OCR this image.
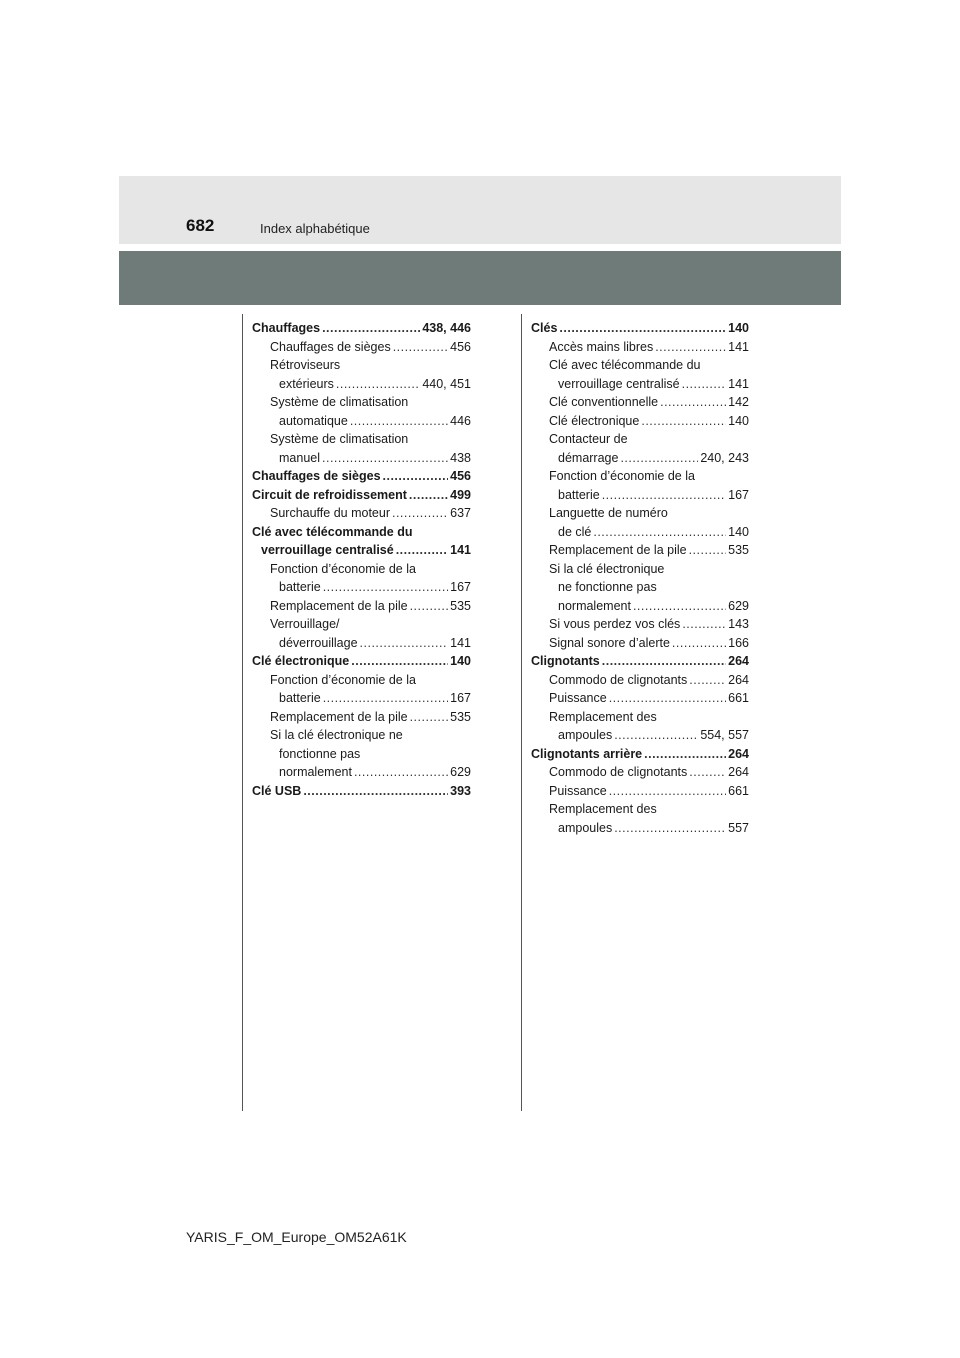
682	Index alphabétique
Chauffages .....	438, 446
Chauffages de sièges .....	456
Rétroviseurs
extérieurs .....	440, 451
Système de climatisation
automatique .....	446
Système de climatisation
manuel .....	438
Chauffages de sièges .....	456
Circuit de refroidissement .....	499
Surchauffe du moteur .....	637
Clé avec télécommande du
verrouillage centralisé .....	141
Fonction d’économie de la
batterie .....	167
Remplacement de la pile .....	535
Verrouillage/
déverrouillage .....	141
Clé électronique .....	140
Fonction d’économie de la
batterie .....	167
Remplacement de la pile .....	535
Si la clé électronique ne
fonctionne pas
normalement .....	629
Clé USB .....	393
Clés .....	140
Accès mains libres .....	141
Clé avec télécommande du
verrouillage centralisé .....	141
Clé conventionnelle .....	142
Clé électronique .....	140
Contacteur de
démarrage .....	240, 243
Fonction d’économie de la
batterie .....	167
Languette de numéro
de clé .....	140
Remplacement de la pile .....	535
Si la clé électronique
ne fonctionne pas
normalement .....	629
Si vous perdez vos clés .....	143
Signal sonore d’alerte .....	166
Clignotants .....	264
Commodo de clignotants .....	264
Puissance .....	661
Remplacement des
ampoules .....	554, 557
Clignotants arrière .....	264
Commodo de clignotants .....	264
Puissance .....	661
Remplacement des
ampoules .....	557
YARIS_F_OM_Europe_OM52A61K
